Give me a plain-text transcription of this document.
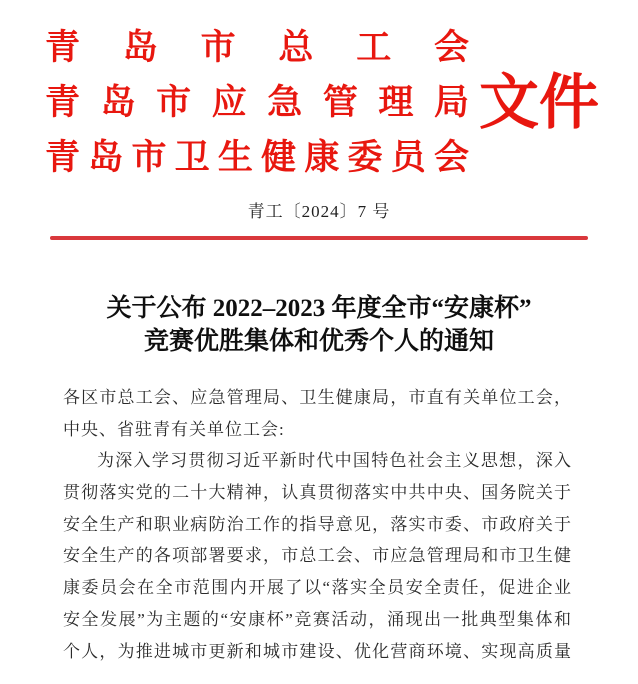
青岛市总工会
青岛市应急管理局
青岛市卫生健康委员会
文件
青工〔2024〕7 号
关于公布 2022–2023 年度全市“安康杯”
竞赛优胜集体和优秀个人的通知
各区市总工会、应急管理局、卫生健康局，市直有关单位工会，
中央、省驻青有关单位工会:
为深入学习贯彻习近平新时代中国特色社会主义思想，深入
贯彻落实党的二十大精神，认真贯彻落实中共中央、国务院关于
安全生产和职业病防治工作的指导意见，落实市委、市政府关于
安全生产的各项部署要求，市总工会、市应急管理局和市卫生健
康委员会在全市范围内开展了以“落实全员安全责任，促进企业
安全发展”为主题的“安康杯”竞赛活动，涌现出一批典型集体和
个人，为推进城市更新和城市建设、优化营商环境、实现高质量
